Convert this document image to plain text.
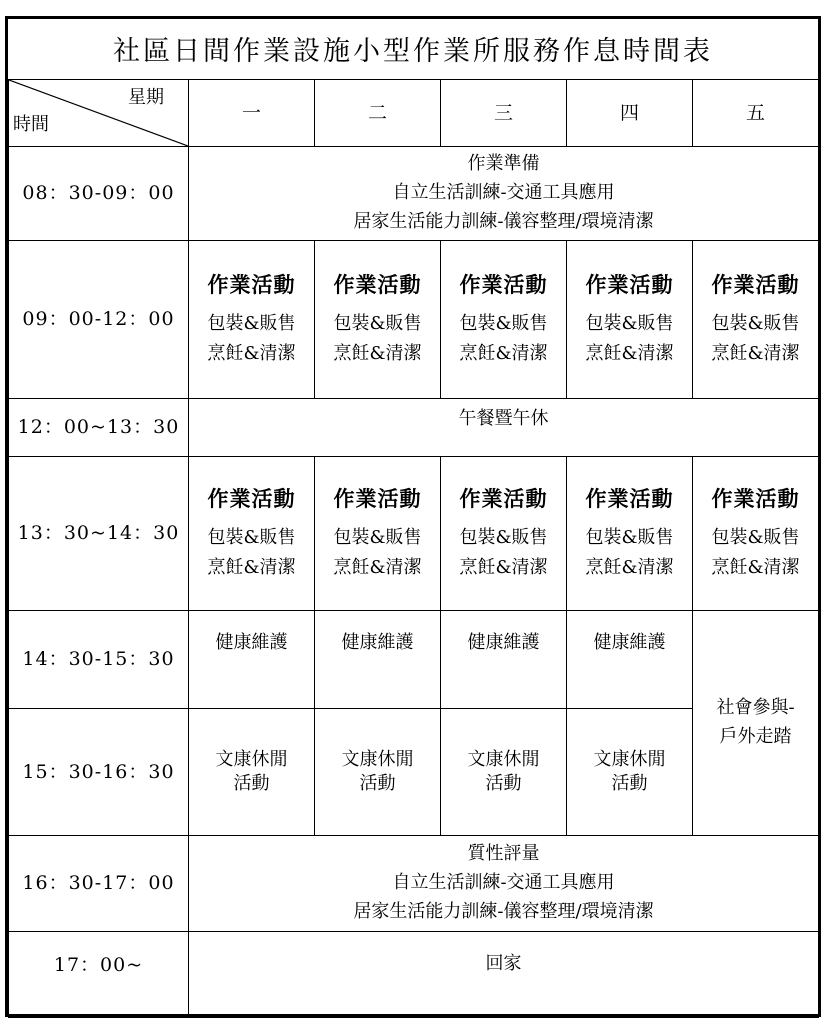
社區日間作業設施小型作業所服務作息時間表
星期
時間	一	二	三	四	五
08：30-09：00	作業準備
自立生活訓練-交通工具應用
居家生活能力訓練-儀容整理/環境清潔				

09：00-12：00	作業活動
包裝&販售
烹飪&清潔	作業活動
包裝&販售
烹飪&清潔	作業活動
包裝&販售
烹飪&清潔	作業活動
包裝&販售
烹飪&清潔	作業活動
包裝&販售
烹飪&清潔

12：00~13：30	午餐暨午休				
13：30~14：30	作業活動
包裝&販售
烹飪&清潔	作業活動
包裝&販售
烹飪&清潔	作業活動
包裝&販售
烹飪&清潔	作業活動
包裝&販售
烹飪&清潔	作業活動
包裝&販售
烹飪&清潔

14：30-15：30	健康維護	健康維護	健康維護	健康維護	社會參與-
戶外走踏

15：30-16：30	文康休閒
活動	文康休閒
活動	文康休閒
活動	文康休閒
活動	

16：30-17：00	質性評量
自立生活訓練-交通工具應用
居家生活能力訓練-儀容整理/環境清潔				

17：00~	回家				
